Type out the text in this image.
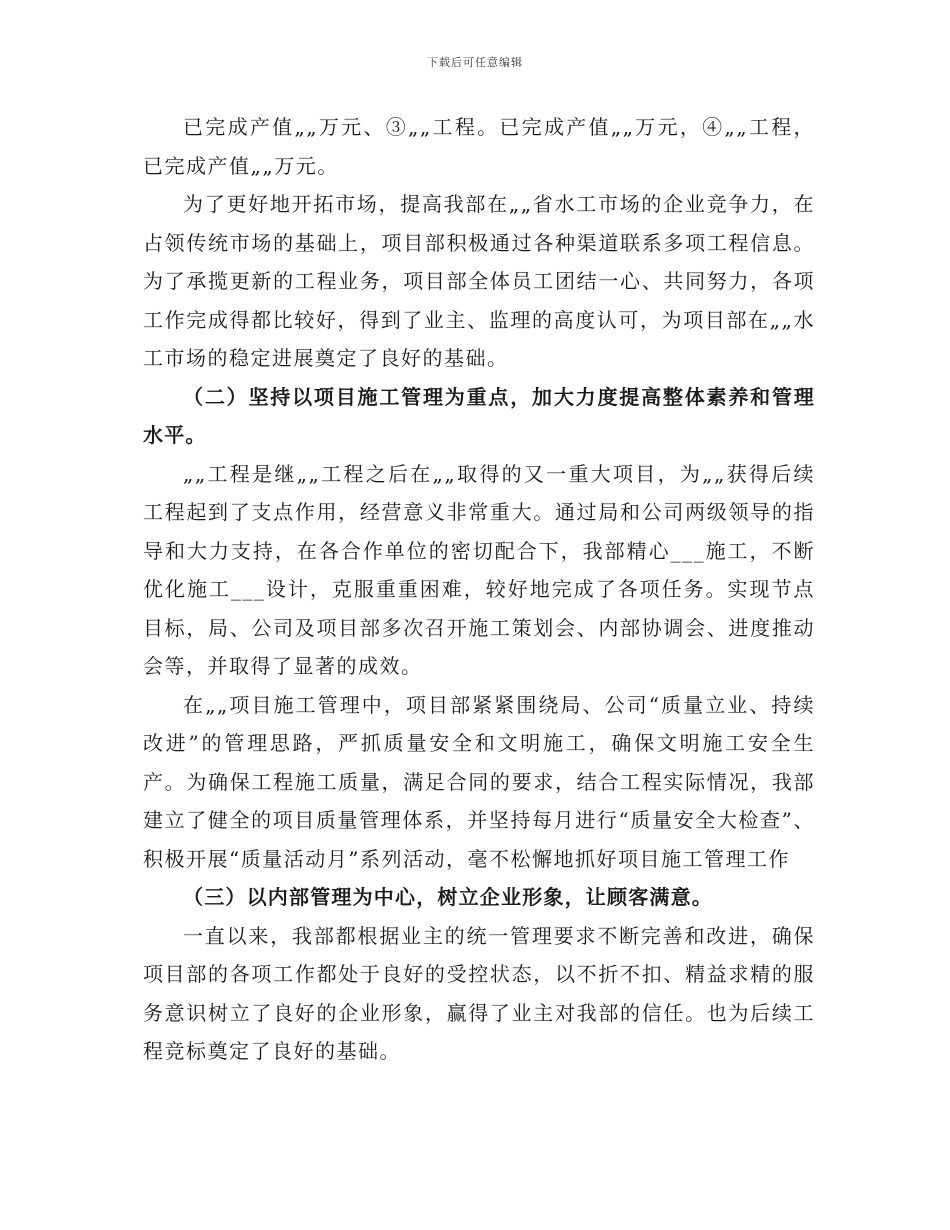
下载后可任意编辑

已完成产值„„万元、③„„工程。已完成产值„„万元，④„„工程，已完成产值„„万元。

为了更好地开拓市场，提高我部在„„省水工市场的企业竞争力，在占领传统市场的基础上，项目部积极通过各种渠道联系多项工程信息。为了承揽更新的工程业务，项目部全体员工团结一心、共同努力，各项工作完成得都比较好，得到了业主、监理的高度认可，为项目部在„„水工市场的稳定进展奠定了良好的基础。

（二）坚持以项目施工管理为重点，加大力度提高整体素养和管理水平。

„„工程是继„„工程之后在„„取得的又一重大项目，为„„获得后续工程起到了支点作用，经营意义非常重大。通过局和公司两级领导的指导和大力支持，在各合作单位的密切配合下，我部精心___施工，不断优化施工___设计，克服重重困难，较好地完成了各项任务。实现节点目标，局、公司及项目部多次召开施工策划会、内部协调会、进度推动会等，并取得了显著的成效。

在„„项目施工管理中，项目部紧紧围绕局、公司“质量立业、持续改进”的管理思路，严抓质量安全和文明施工，确保文明施工安全生产。为确保工程施工质量，满足合同的要求，结合工程实际情况，我部建立了健全的项目质量管理体系，并坚持每月进行“质量安全大检查”、积极开展“质量活动月”系列活动，毫不松懈地抓好项目施工管理工作

（三）以内部管理为中心，树立企业形象，让顾客满意。

一直以来，我部都根据业主的统一管理要求不断完善和改进，确保项目部的各项工作都处于良好的受控状态，以不折不扣、精益求精的服务意识树立了良好的企业形象，赢得了业主对我部的信任。也为后续工程竞标奠定了良好的基础。
